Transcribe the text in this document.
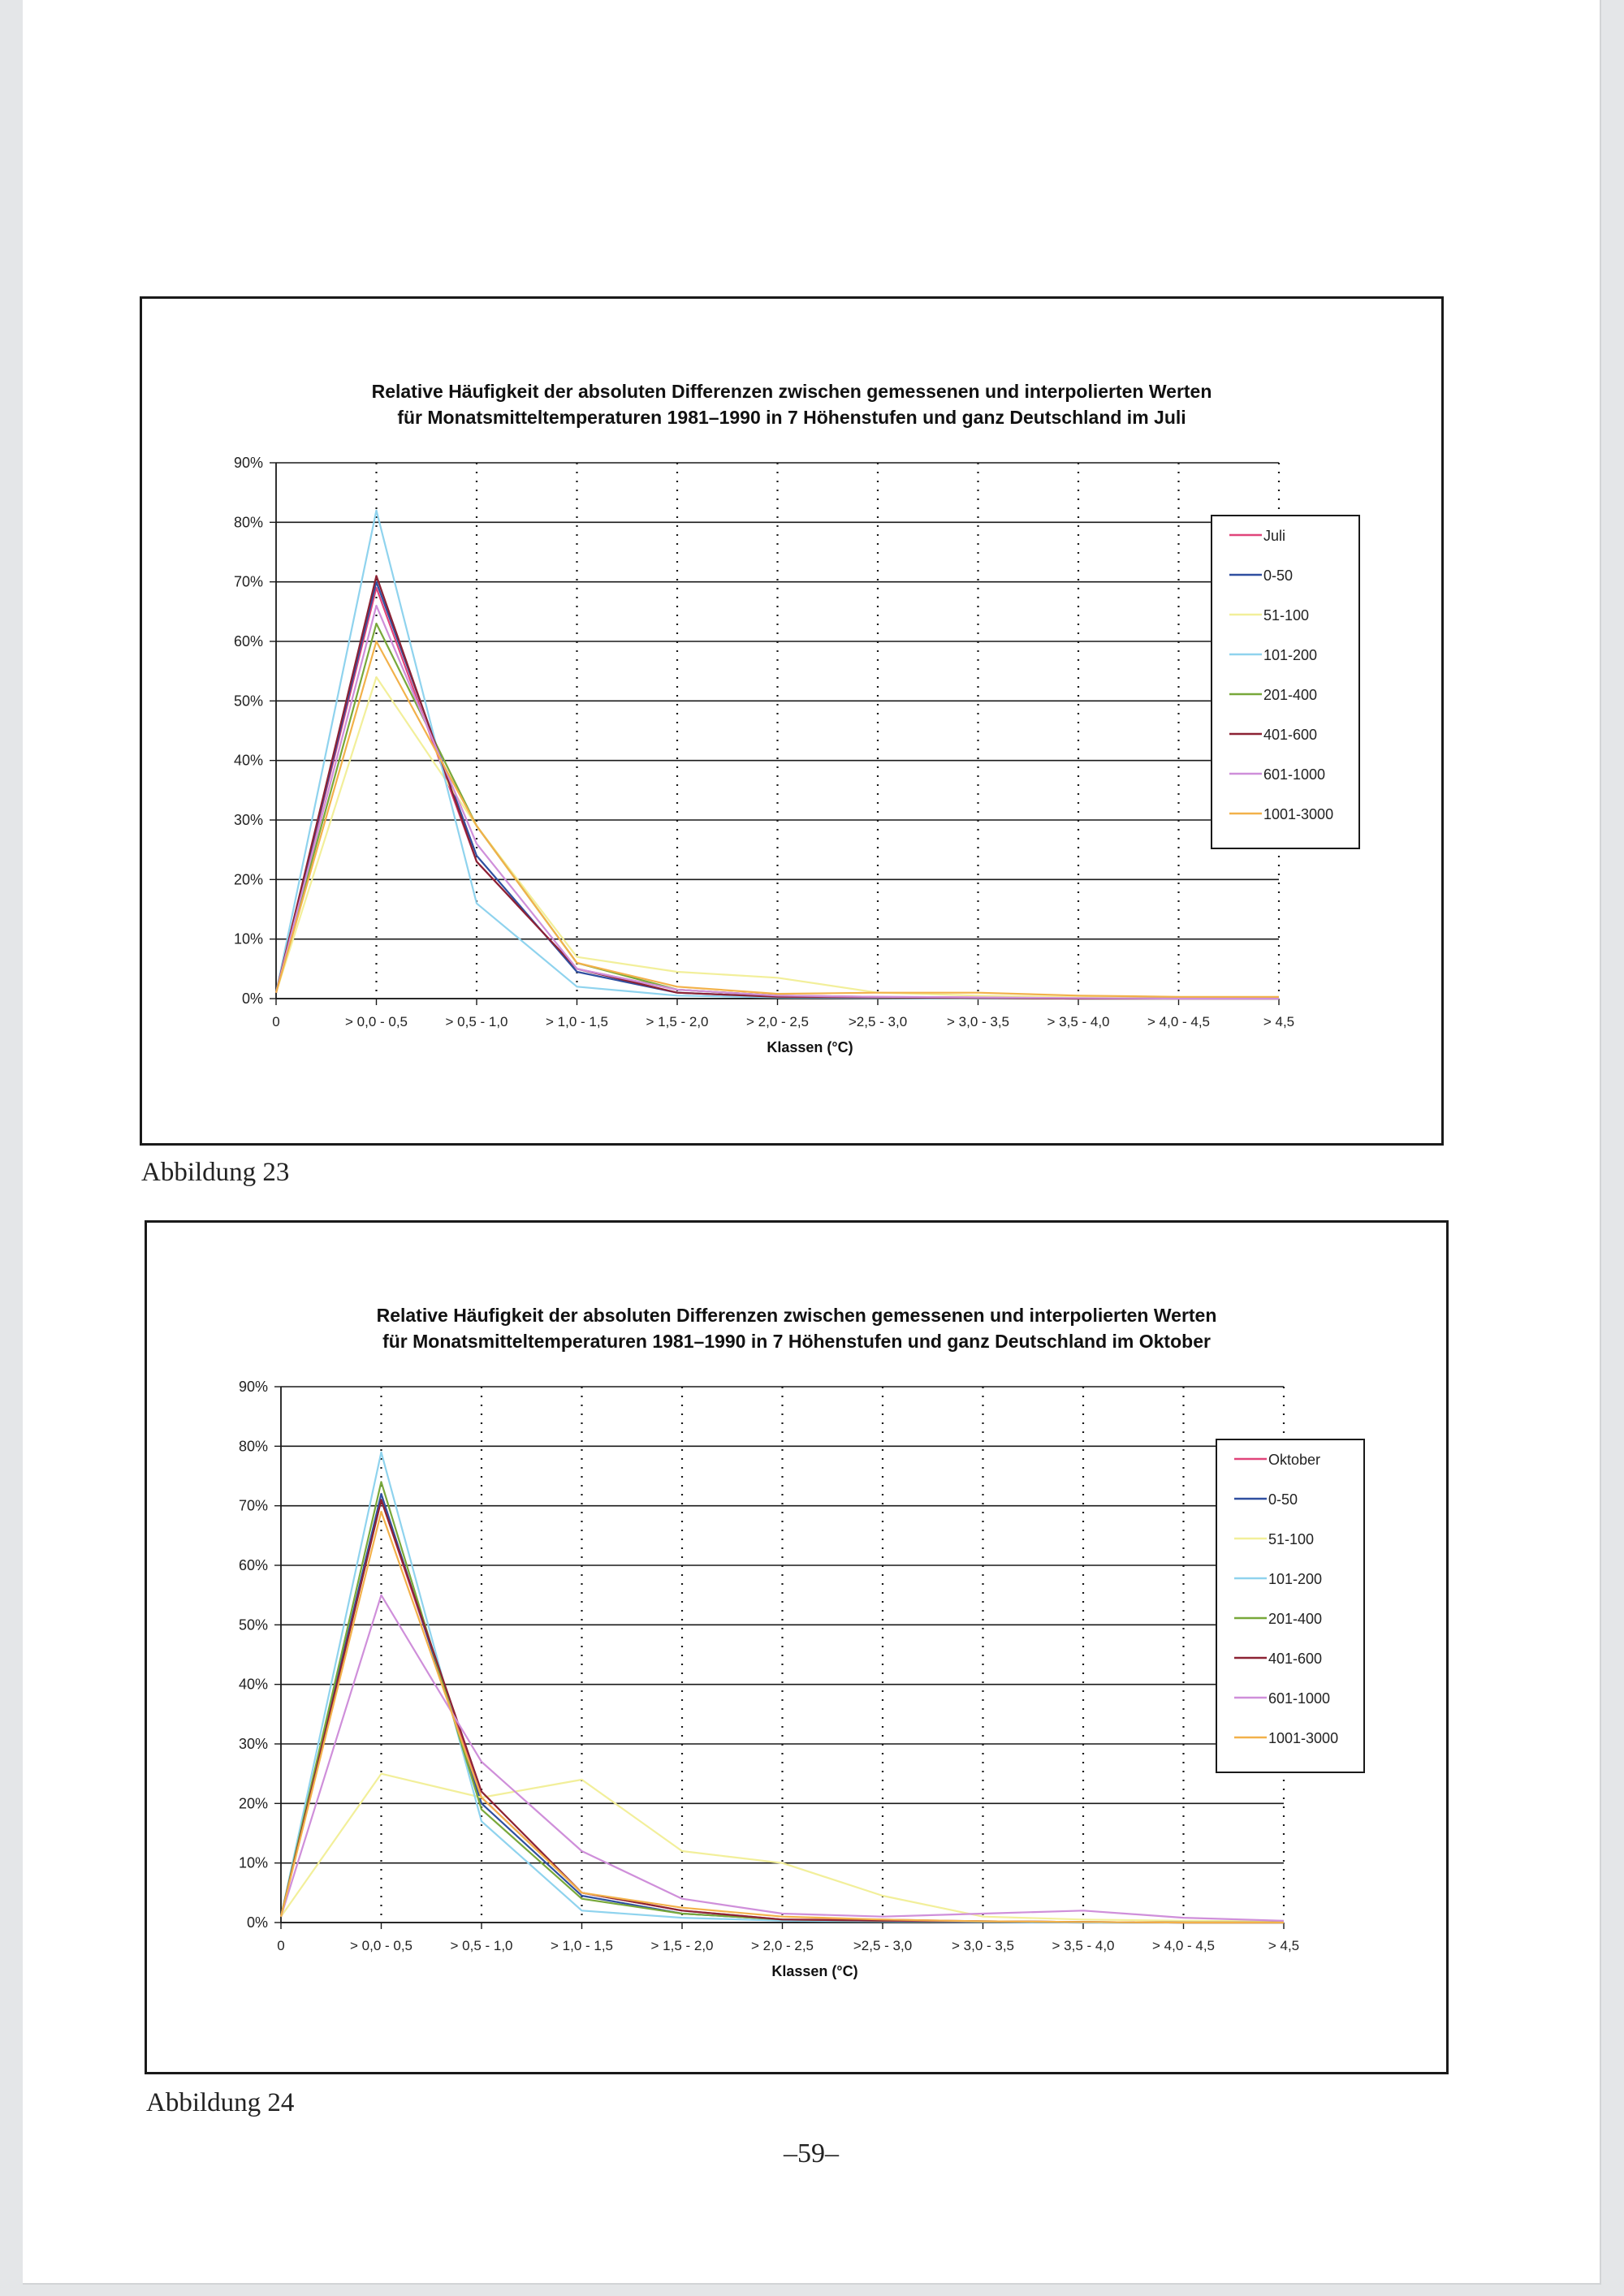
Relative Häufigkeit der absoluten Differenzen zwischen gemessenen und interpolierten Werten
für Monatsmitteltemperaturen 1981–1990 in 7 Höhenstufen und ganz Deutschland im Juli
0%
10%
20%
30%
40%
50%
60%
70%
80%
90%
0	> 0,0 - 0,5	> 0,5 - 1,0	> 1,0 - 1,5	> 1,5 - 2,0	> 2,0 - 2,5	>2,5 - 3,0	> 3,0 - 3,5	> 3,5 - 4,0	> 4,0 - 4,5	> 4,5
Klassen (°C)
Juli
0-50
51-100
101-200
201-400
401-600
601-1000
1001-3000
Abbildung 23
Relative Häufigkeit der absoluten Differenzen zwischen gemessenen und interpolierten Werten
für Monatsmitteltemperaturen 1981–1990 in 7 Höhenstufen und ganz Deutschland im Oktober
0%
10%
20%
30%
40%
50%
60%
70%
80%
90%
0	> 0,0 - 0,5	> 0,5 - 1,0	> 1,0 - 1,5	> 1,5 - 2,0	> 2,0 - 2,5	>2,5 - 3,0	> 3,0 - 3,5	> 3,5 - 4,0	> 4,0 - 4,5	> 4,5
Klassen (°C)
Oktober
0-50
51-100
101-200
201-400
401-600
601-1000
1001-3000
Abbildung 24
–59–
